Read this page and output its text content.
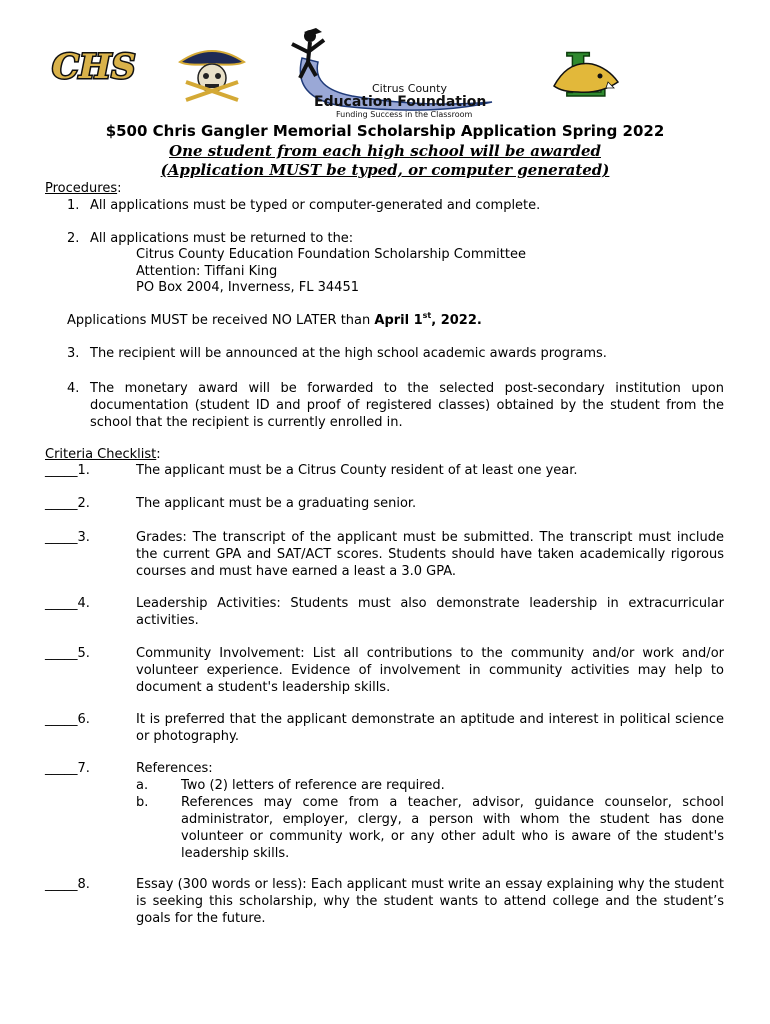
CHS
Citrus County
Education Foundation
Funding Success in the Classroom
$500 Chris Gangler Memorial Scholarship Application Spring 2022
One student from each high school will be awarded
(Application MUST be typed, or computer generated)
Procedures:
1. All applications must be typed or computer-generated and complete.
2. All applications must be returned to the:
Citrus County Education Foundation Scholarship Committee
Attention: Tiffani King
PO Box 2004, Inverness, FL 34451
Applications MUST be received NO LATER than April 1st, 2022.
3. The recipient will be announced at the high school academic awards programs.
4. The monetary award will be forwarded to the selected post-secondary institution upon documentation (student ID and proof of registered classes) obtained by the student from the school that the recipient is currently enrolled in.
Criteria Checklist:
_____1.	The applicant must be a Citrus County resident of at least one year.
_____2.	The applicant must be a graduating senior.
_____3.	Grades: The transcript of the applicant must be submitted. The transcript must include the current GPA and SAT/ACT scores. Students should have taken academically rigorous courses and must have earned a least a 3.0 GPA.
_____4.	Leadership Activities: Students must also demonstrate leadership in extracurricular activities.
_____5.	Community Involvement: List all contributions to the community and/or work and/or volunteer experience. Evidence of involvement in community activities may help to document a student's leadership skills.
_____6.	It is preferred that the applicant demonstrate an aptitude and interest in political science or photography.
_____7.	References:
a.	Two (2) letters of reference are required.
b.	References may come from a teacher, advisor, guidance counselor, school administrator, employer, clergy, a person with whom the student has done volunteer or community work, or any other adult who is aware of the student's leadership skills.
_____8.	Essay (300 words or less): Each applicant must write an essay explaining why the student is seeking this scholarship, why the student wants to attend college and the student’s goals for the future.
